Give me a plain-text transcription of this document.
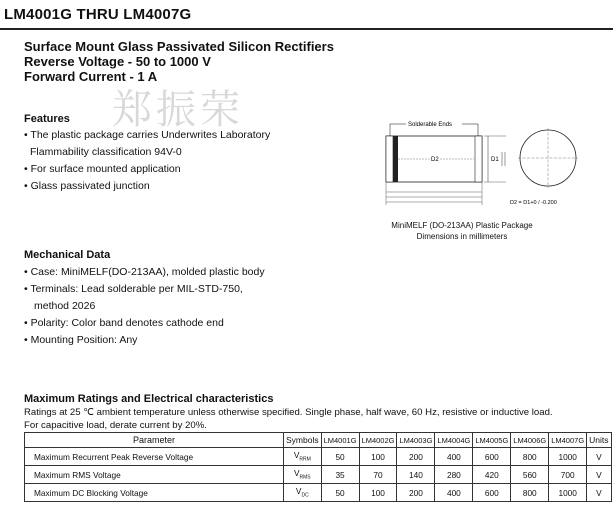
LM4001G THRU LM4007G
Surface Mount Glass Passivated Silicon Rectifiers
Reverse Voltage - 50 to 1000 V
Forward Current - 1 A
郑振荣
Features
• The plastic package carries Underwrites Laboratory
Flammability classification 94V-0
• For surface mounted application
• Glass passivated junction
Solderable Ends
D2	D1
D2 = D1+0 / -0.200
MiniMELF (DO-213AA) Plastic Package
Dimensions in millimeters
Mechanical Data
• Case: MiniMELF(DO-213AA), molded plastic body
• Terminals: Lead solderable per MIL-STD-750,
method 2026
• Polarity: Color band denotes cathode end
• Mounting Position: Any
Maximum Ratings and Electrical characteristics
Ratings at 25 ℃ ambient temperature unless otherwise specified. Single phase, half wave, 60 Hz, resistive or inductive load.
For capacitive load, derate current by 20%.
Parameter	Symbols	LM4001G	LM4002G	LM4003G	LM4004G	LM4005G	LM4006G	LM4007G	Units
Maximum Recurrent Peak Reverse Voltage	$V_{RRM}$	50	100	200	400	600	800	1000	V
Maximum RMS Voltage	$V_{RMS}$	35	70	140	280	420	560	700	V
Maximum DC Blocking Voltage	$V_{DC}$	50	100	200	400	600	800	1000	V
